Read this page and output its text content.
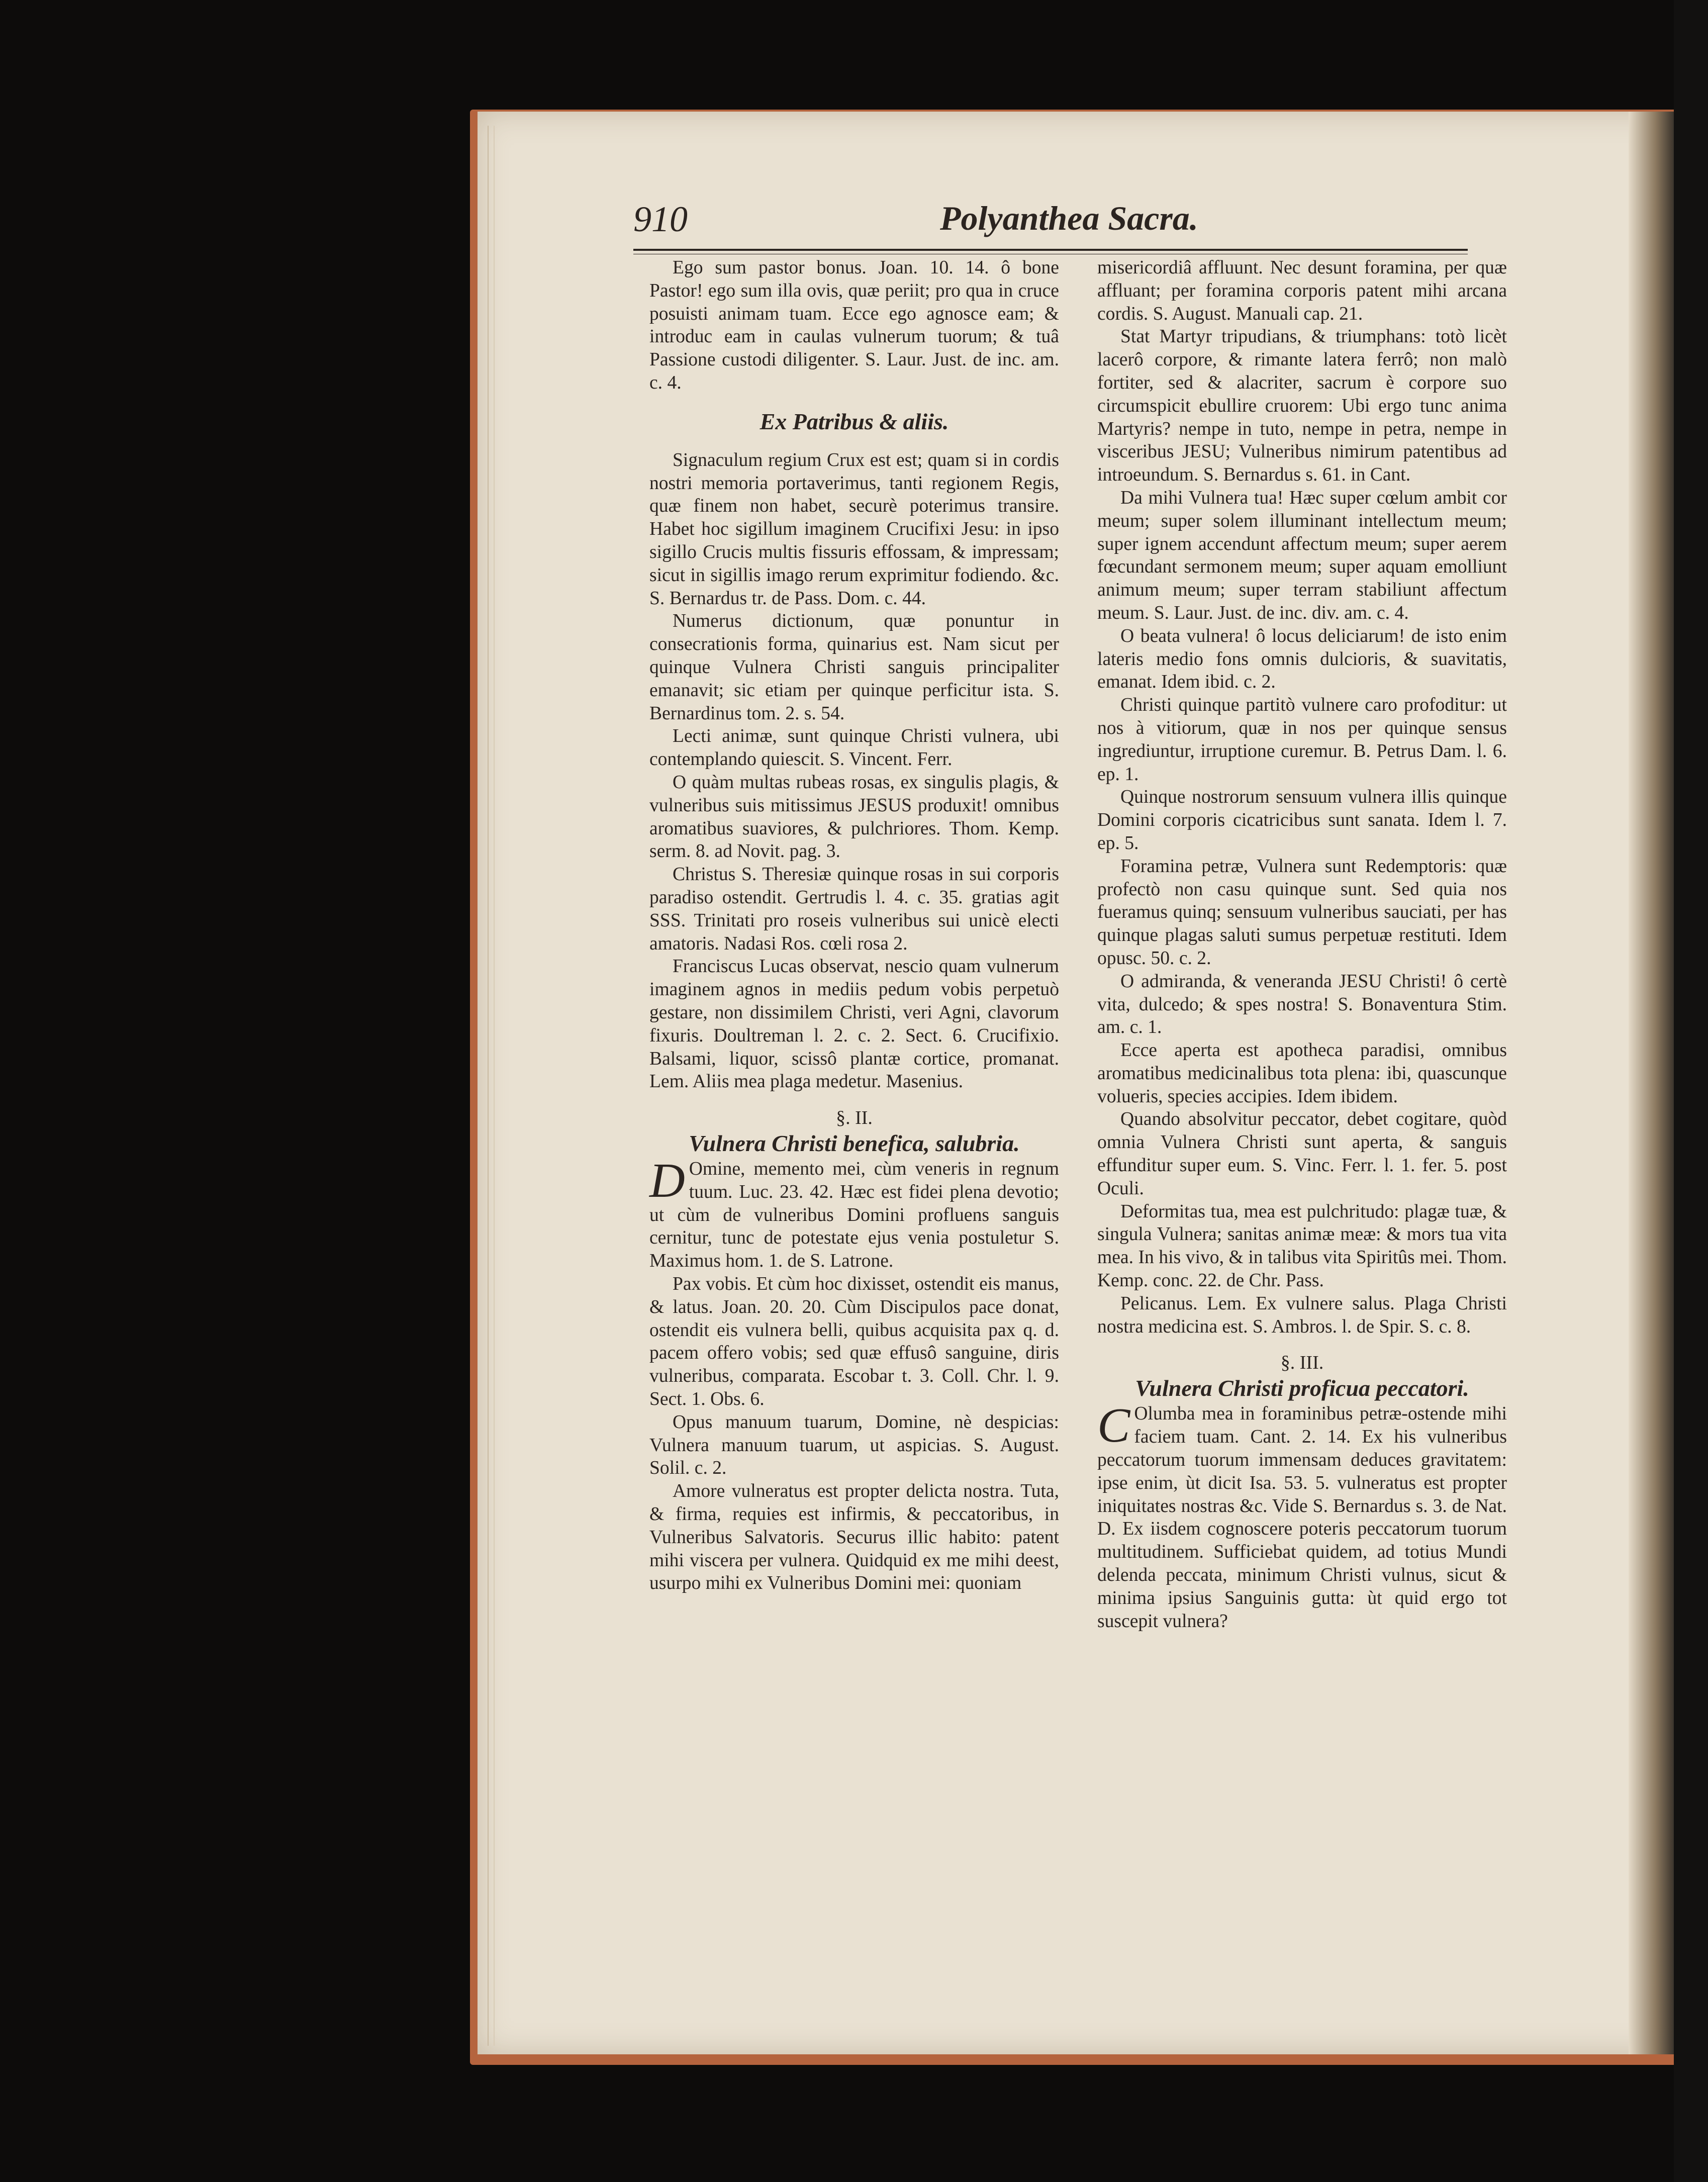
910	Polyanthea Sacra.

Ego sum pastor bonus. Joan. 10. 14. ô bone Pastor! ego sum illa ovis, quæ periit; pro qua in cruce posuisti animam tuam. Ecce ego agnosce eam; & introduc eam in caulas vulnerum tuorum; & tuâ Passione custodi diligenter. S. Laur. Just. de inc. am. c. 4.

Ex Patribus & aliis.

Signaculum regium Crux est est; quam si in cordis nostri memoria portaverimus, tanti regionem Regis, quæ finem non habet, securè poterimus transire. Habet hoc sigillum imaginem Crucifixi Jesu: in ipso sigillo Crucis multis fissuris effossam, & impressam; sicut in sigillis imago rerum exprimitur fodiendo. &c. S. Bernardus tr. de Pass. Dom. c. 44.

Numerus dictionum, quæ ponuntur in consecrationis forma, quinarius est. Nam sicut per quinque Vulnera Christi sanguis principaliter emanavit; sic etiam per quinque perficitur ista. S. Bernardinus tom. 2. s. 54.

Lecti animæ, sunt quinque Christi vulnera, ubi contemplando quiescit. S. Vincent. Ferr.

O quàm multas rubeas rosas, ex singulis plagis, & vulneribus suis mitissimus JESUS produxit! omnibus aromatibus suaviores, & pulchriores. Thom. Kemp. serm. 8. ad Novit. pag. 3.

Christus S. Theresiæ quinque rosas in sui corporis paradiso ostendit. Gertrudis l. 4. c. 35. gratias agit SSS. Trinitati pro roseis vulneribus sui unicè electi amatoris. Nadasi Ros. cœli rosa 2.

Franciscus Lucas observat, nescio quam vulnerum imaginem agnos in mediis pedum vobis perpetuò gestare, non dissimilem Christi, veri Agni, clavorum fixuris. Doultreman l. 2. c. 2. Sect. 6. Crucifixio. Balsami, liquor, scissô plantæ cortice, promanat. Lem. Aliis mea plaga medetur. Masenius.

§. II.

Vulnera Christi benefica, salubria.

D Omine, memento mei, cùm veneris in regnum tuum. Luc. 23. 42. Hæc est fidei plena devotio; ut cùm de vulneribus Domini profluens sanguis cernitur, tunc de potestate ejus venia postuletur S. Maximus hom. 1. de S. Latrone.

Pax vobis. Et cùm hoc dixisset, ostendit eis manus, & latus. Joan. 20. 20. Cùm Discipulos pace donat, ostendit eis vulnera belli, quibus acquisita pax q. d. pacem offero vobis; sed quæ effusô sanguine, diris vulneribus, comparata. Escobar t. 3. Coll. Chr. l. 9. Sect. 1. Obs. 6.

Opus manuum tuarum, Domine, nè despicias: Vulnera manuum tuarum, ut aspicias. S. August. Solil. c. 2.

Amore vulneratus est propter delicta nostra. Tuta, & firma, requies est infirmis, & peccatoribus, in Vulneribus Salvatoris. Securus illic habito: patent mihi viscera per vulnera. Quidquid ex me mihi deest, usurpo mihi ex Vulneribus Domini mei: quoniam

misericordiâ affluunt. Nec desunt foramina, per quæ affluant; per foramina corporis patent mihi arcana cordis. S. August. Manuali cap. 21.

Stat Martyr tripudians, & triumphans: totò licèt lacerô corpore, & rimante latera ferrô; non malò fortiter, sed & alacriter, sacrum è corpore suo circumspicit ebullire cruorem: Ubi ergo tunc anima Martyris? nempe in tuto, nempe in petra, nempe in visceribus JESU; Vulneribus nimirum patentibus ad introeundum. S. Bernardus s. 61. in Cant.

Da mihi Vulnera tua! Hæc super cœlum ambit cor meum; super solem illuminant intellectum meum; super ignem accendunt affectum meum; super aerem fœcundant sermonem meum; super aquam emolliunt animum meum; super terram stabiliunt affectum meum. S. Laur. Just. de inc. div. am. c. 4.

O beata vulnera! ô locus deliciarum! de isto enim lateris medio fons omnis dulcioris, & suavitatis, emanat. Idem ibid. c. 2.

Christi quinque partitò vulnere caro profoditur: ut nos à vitiorum, quæ in nos per quinque sensus ingrediuntur, irruptione curemur. B. Petrus Dam. l. 6. ep. 1.

Quinque nostrorum sensuum vulnera illis quinque Domini corporis cicatricibus sunt sanata. Idem l. 7. ep. 5.

Foramina petræ, Vulnera sunt Redemptoris: quæ profectò non casu quinque sunt. Sed quia nos fueramus quinq; sensuum vulneribus sauciati, per has quinque plagas saluti sumus perpetuæ restituti. Idem opusc. 50. c. 2.

O admiranda, & veneranda JESU Christi! ô certè vita, dulcedo; & spes nostra! S. Bonaventura Stim. am. c. 1.

Ecce aperta est apotheca paradisi, omnibus aromatibus medicinalibus tota plena: ibi, quascunque volueris, species accipies. Idem ibidem.

Quando absolvitur peccator, debet cogitare, quòd omnia Vulnera Christi sunt aperta, & sanguis effunditur super eum. S. Vinc. Ferr. l. 1. fer. 5. post Oculi.

Deformitas tua, mea est pulchritudo: plagæ tuæ, & singula Vulnera; sanitas animæ meæ: & mors tua vita mea. In his vivo, & in talibus vita Spiritûs mei. Thom. Kemp. conc. 22. de Chr. Pass.

Pelicanus. Lem. Ex vulnere salus. Plaga Christi nostra medicina est. S. Ambros. l. de Spir. S. c. 8.

§. III.

Vulnera Christi proficua peccatori.

C Olumba mea in foraminibus petræ-ostende mihi faciem tuam. Cant. 2. 14. Ex his vulneribus peccatorum tuorum immensam deduces gravitatem: ipse enim, ùt dicit Isa. 53. 5. vulneratus est propter iniquitates nostras &c. Vide S. Bernardus s. 3. de Nat. D. Ex iisdem cognoscere poteris peccatorum tuorum multitudinem. Sufficiebat quidem, ad totius Mundi delenda peccata, minimum Christi vulnus, sicut & minima ipsius Sanguinis gutta: ùt quid ergo tot suscepit vulnera?
